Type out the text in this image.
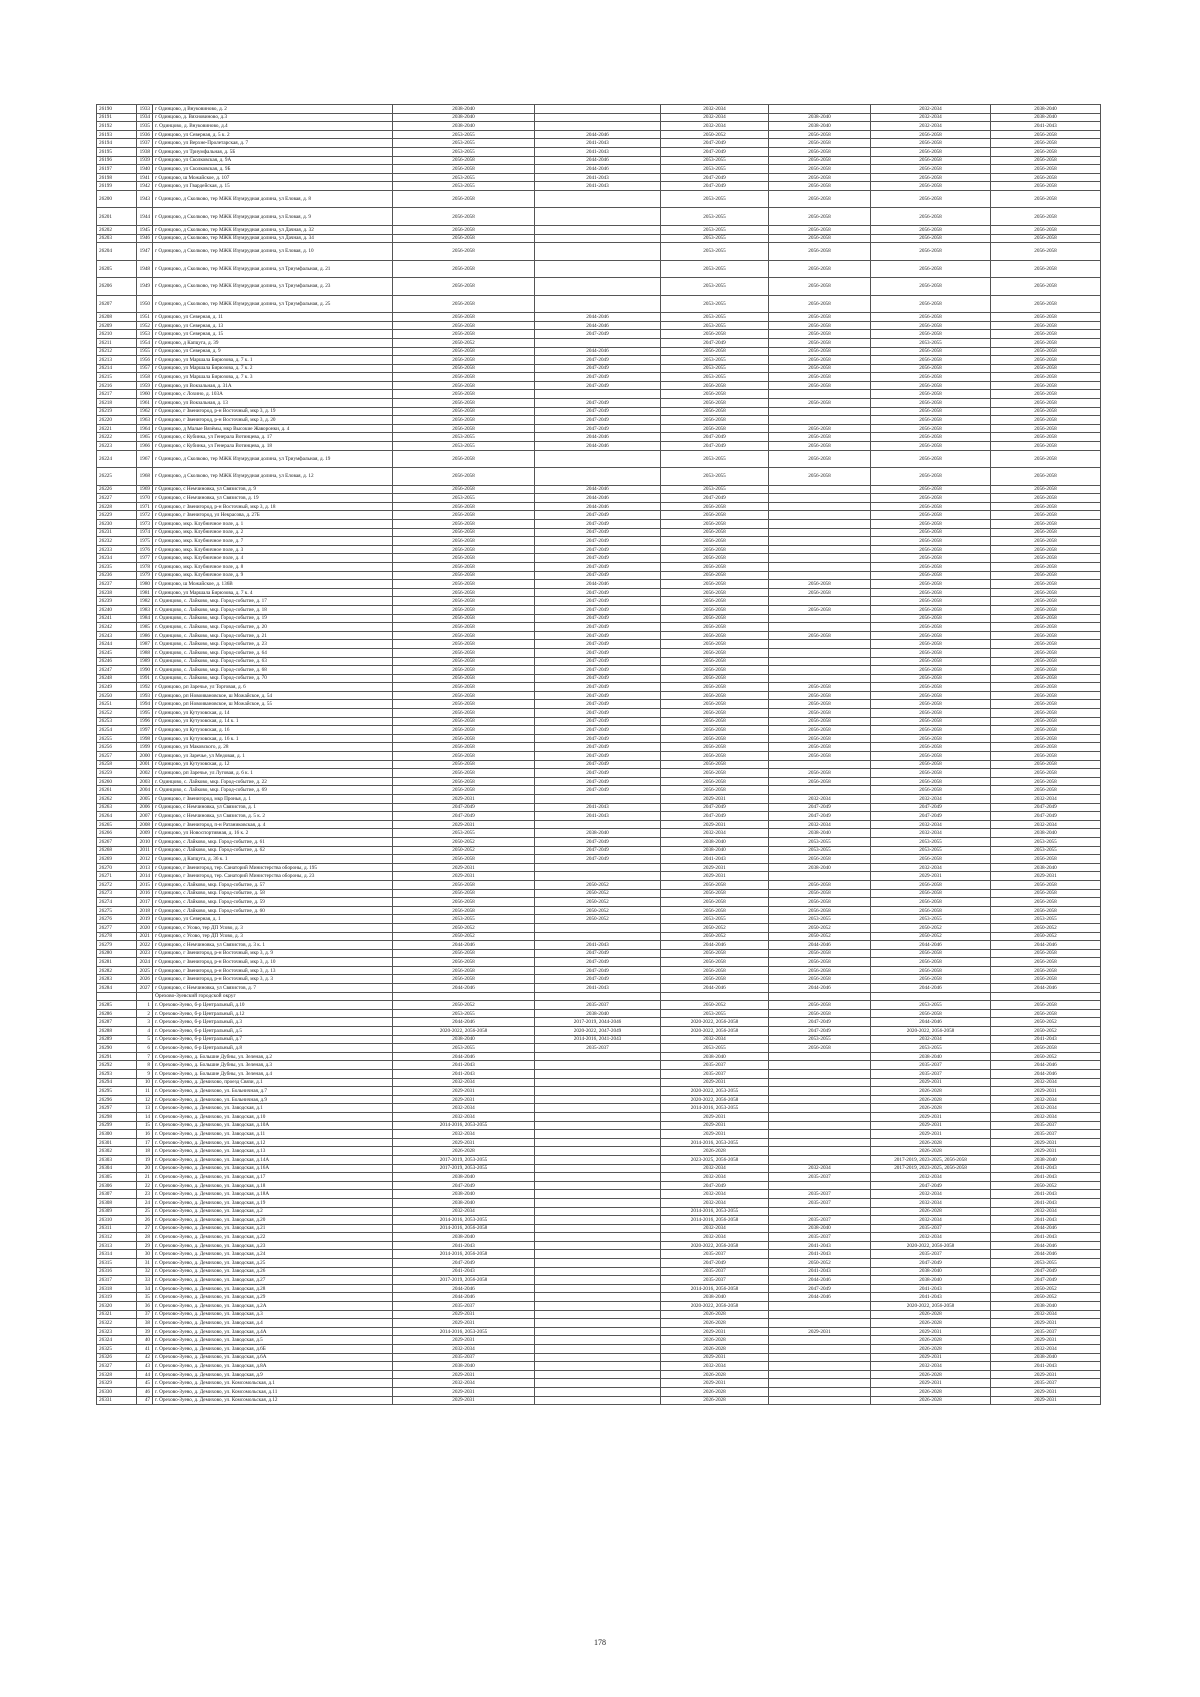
26190	1933	г Одинцово, д Внуковиново, д. 2	2038-2040		2032-2034		2032-2034	2038-2040
26191	1934	г Одинцово, д. Вяхновиново, д.3	2038-2040		2032-2034	2038-2040	2032-2034	2038-2040
26192	1935	г. Одинцово, д. Внуковиново, д.4	2038-2040		2032-2034	2038-2040	2032-2034	2041-2043
26193	1936	г Одинцово, ул Северная, д. 5 к. 2	2053-2055	2044-2046	2050-2052	2056-2058	2056-2058	2056-2058
26194	1937	г Одинцово, ул Верхне-Пролетарская, д. 7	2053-2055	2041-2043	2047-2049	2056-2058	2056-2058	2056-2058
26195	1938	г Одинцово, ул Триумфальная, д. 5Б	2053-2055	2041-2043	2047-2049	2056-2058	2056-2058	2056-2058
26196	1939	г Одинцово, ул Сколковская, д. 9А	2056-2058	2044-2046	2053-2055	2056-2058	2056-2058	2056-2058
26197	1940	г Одинцово, ул Сколковская, д. 9Б	2056-2058	2044-2046	2053-2055	2056-2058	2056-2058	2056-2058
26198	1941	г Одинцово, ш Можайское, д. 107	2053-2055	2041-2043	2047-2049	2056-2058	2056-2058	2056-2058
26199	1942	г Одинцово, ул Гвардейская, д. 15	2053-2055	2041-2043	2047-2049	2056-2058	2056-2058	2056-2058
26200	1943	г Одинцово, д Сколково, тер МЖК Изумрудная долина, ул Еловая, д. 8	2056-2058		2053-2055	2056-2058	2056-2058	2056-2058
26201	1944	г Одинцово, д Сколково, тер МЖК Изумрудная долина, ул Еловая, д. 9	2056-2058		2053-2055	2056-2058	2056-2058	2056-2058
26202	1945	г Одинцово, д Сколково, тер МЖК Изумрудная долина, ул Дачная, д. 32	2056-2058		2053-2055	2056-2058	2056-2058	2056-2058
26203	1946	г Одинцово, д Сколково, тер МЖК Изумрудная долина, ул Дачная, д. 34	2056-2058		2053-2055	2056-2058	2056-2058	2056-2058
26204	1947	г Одинцово, д Сколково, тер МЖК Изумрудная долина, ул Еловая, д. 10	2056-2058		2053-2055	2056-2058	2056-2058	2056-2058
26205	1948	г Одинцово, д Сколково, тер МЖК Изумрудная долина, ул Триумфальная, д. 21	2056-2058		2053-2055	2056-2058	2056-2058	2056-2058
26206	1949	г Одинцово, д Сколково, тер МЖК Изумрудная долина, ул Триумфальная, д. 23	2056-2058		2053-2055	2056-2058	2056-2058	2056-2058
26207	1950	г Одинцово, д Сколково, тер МЖК Изумрудная долина, ул Триумфальная, д. 25	2056-2058		2053-2055	2056-2058	2056-2058	2056-2058
26208	1951	г Одинцово, ул Северная, д. 11	2056-2058	2044-2046	2053-2055	2056-2058	2056-2058	2056-2058
26209	1952	г Одинцово, ул Северная, д. 13	2056-2058	2044-2046	2053-2055	2056-2058	2056-2058	2056-2058
26210	1953	г Одинцово, ул Северная, д. 15	2056-2058	2047-2049	2056-2058	2056-2058	2056-2058	2056-2058
26211	1954	г Одинцово, д Капцуга, д. 39	2050-2052		2047-2049	2056-2058	2053-2055	2056-2058
26212	1955	г Одинцово, ул Северная, д. 9	2056-2058	2044-2046	2056-2058	2056-2058	2056-2058	2056-2058
26213	1956	г Одинцово, ул Маршала Бирюзова, д. 7 к. 1	2056-2058	2047-2049	2053-2055	2056-2058	2056-2058	2056-2058
26214	1957	г Одинцово, ул Маршала Бирюзова, д. 7 к. 2	2056-2058	2047-2049	2053-2055	2056-2058	2056-2058	2056-2058
26215	1958	г Одинцово, ул Маршала Бирюзова, д. 7 к. 3	2056-2058	2047-2049	2053-2055	2056-2058	2056-2058	2056-2058
26216	1959	г Одинцово, ул Вокзальная, д. 31А	2056-2058	2047-2049	2056-2058	2056-2058	2056-2058	2056-2058
26217	1960	г Одинцово, с Лохино, д. 103А	2056-2058		2056-2058		2056-2058	2056-2058
26218	1961	г Одинцово, ул Вокзальная, д. 13	2056-2058	2047-2049	2056-2058	2056-2058	2056-2058	2056-2058
26219	1962	г Одинцово, г Звенигород, р-н Восточный, мкр 3, д. 19	2056-2058	2047-2049	2056-2058		2056-2058	2056-2058
26220	1963	г Одинцово, г Звенигород, р-н Восточный, мкр 3, д. 20	2056-2058	2047-2049	2056-2058		2056-2058	2056-2058
26221	1964	г Одинцово, д Малые Вязёмы, мкр Высокие Жаворонки, д. 4	2056-2058	2047-2049	2056-2058	2056-2058	2056-2058	2056-2058
26222	1965	г Одинцово, с Кубинка, ул Генерала Вотинцева, д. 17	2053-2055	2044-2046	2047-2049	2056-2058	2056-2058	2056-2058
26223	1966	г Одинцово, с Кубинка, ул Генерала Вотинцева, д. 18	2053-2055	2044-2046	2047-2049	2056-2058	2056-2058	2056-2058
26224	1967	г Одинцово, д Сколково, тер МЖК Изумрудная долина, ул Триумфальная, д. 19	2056-2058		2053-2055	2056-2058	2056-2058	2056-2058
26225	1968	г Одинцово, д Сколково, тер МЖК Изумрудная долина, ул Еловая, д. 12	2056-2058		2053-2055	2056-2058	2056-2058	2056-2058
26226	1969	г Одинцово, с Немчиновка, ул Связистов, д. 9	2056-2058	2044-2046	2053-2055		2056-2058	2056-2058
26227	1970	г Одинцово, с Немчиновка, ул Связистов, д. 19	2053-2055	2044-2046	2047-2049		2056-2058	2056-2058
26228	1971	г Одинцово, г Звенигород, р-н Восточный, мкр 3, д. 18	2056-2058	2044-2046	2056-2058		2056-2058	2056-2058
26229	1972	г Одинцово, г Звенигород, ул Некрасова, д. 27Б	2056-2058	2047-2049	2056-2058		2056-2058	2056-2058
26230	1973	г Одинцово, мкр. Клубничное поле, д. 1	2056-2058	2047-2049	2056-2058		2056-2058	2056-2058
26231	1974	г Одинцово, мкр. Клубничное поле, д. 2	2056-2058	2047-2049	2056-2058		2056-2058	2056-2058
26232	1975	г Одинцово, мкр. Клубничное поле, д. 7	2056-2058	2047-2049	2056-2058		2056-2058	2056-2058
26233	1976	г Одинцово, мкр. Клубничное поле, д. 3	2056-2058	2047-2049	2056-2058		2056-2058	2056-2058
26234	1977	г Одинцово, мкр. Клубничное поле, д. 4	2056-2058	2047-2049	2056-2058		2056-2058	2056-2058
26235	1978	г Одинцово, мкр. Клубничное поле, д. 8	2056-2058	2047-2049	2056-2058		2056-2058	2056-2058
26236	1979	г Одинцово, мкр. Клубничное поле, д. 9	2056-2058	2047-2049	2056-2058		2056-2058	2056-2058
26237	1980	г Одинцово, ш Можайское, д. 136В	2056-2058	2044-2046	2056-2058	2056-2058	2056-2058	2056-2058
26238	1981	г Одинцово, ул Маршала Бирюзова, д. 7 к. 4	2056-2058	2047-2049	2056-2058	2056-2058	2056-2058	2056-2058
26239	1982	г. Одинцово, с. Лайково, мкр. Город-событие, д. 17	2056-2058	2047-2049	2056-2058		2056-2058	2056-2058
26240	1983	г. Одинцово, с. Лайково, мкр. Город-событие, д. 18	2056-2058	2047-2049	2056-2058	2056-2058	2056-2058	2056-2058
26241	1984	г. Одинцово, с. Лайково, мкр. Город-событие, д. 19	2056-2058	2047-2049	2056-2058		2056-2058	2056-2058
26242	1985	г. Одинцово, с. Лайково, мкр. Город-событие, д. 20	2056-2058	2047-2049	2056-2058		2056-2058	2056-2058
26243	1986	г. Одинцово, с. Лайково, мкр. Город-событие, д. 21	2056-2058	2047-2049	2056-2058	2056-2058	2056-2058	2056-2058
26244	1987	г. Одинцово, с. Лайково, мкр. Город-событие, д. 23	2056-2058	2047-2049	2056-2058		2056-2058	2056-2058
26245	1988	г. Одинцово, с. Лайково, мкр. Город-событие, д. 64	2056-2058	2047-2049	2056-2058		2056-2058	2056-2058
26246	1989	г. Одинцово, с. Лайково, мкр. Город-событие, д. 63	2056-2058	2047-2049	2056-2058		2056-2058	2056-2058
26247	1990	г. Одинцово, с. Лайково, мкр. Город-событие, д. 68	2056-2058	2047-2049	2056-2058		2056-2058	2056-2058
26248	1991	г. Одинцово, с. Лайково, мкр. Город-событие, д. 70	2056-2058	2047-2049	2056-2058		2056-2058	2056-2058
26249	1992	г Одинцово, рп Заречье, ул Торговая, д. 6	2056-2058	2047-2049	2056-2058	2056-2058	2056-2058	2056-2058
26250	1993	г Одинцово, рп Новоивановское, ш Можайское, д. 54	2056-2058	2047-2049	2056-2058	2056-2058	2056-2058	2056-2058
26251	1994	г Одинцово, рп Новоивановское, ш Можайское, д. 55	2056-2058	2047-2049	2056-2058	2056-2058	2056-2058	2056-2058
26252	1995	г Одинцово, ул Кутузовская, д. 14	2056-2058	2047-2049	2056-2058	2056-2058	2056-2058	2056-2058
26253	1996	г Одинцово, ул Кутузовская, д. 14 к. 1	2056-2058	2047-2049	2056-2058	2056-2058	2056-2058	2056-2058
26254	1997	г Одинцово, ул Кутузовская, д. 16	2056-2058	2047-2049	2056-2058	2056-2058	2056-2058	2056-2058
26255	1998	г Одинцово, ул Кутузовская, д. 16 к. 1	2056-2058	2047-2049	2056-2058	2056-2058	2056-2058	2056-2058
26256	1999	г Одинцово, ул Маковского, д. 28	2056-2058	2047-2049	2056-2058	2056-2058	2056-2058	2056-2058
26257	2000	г Одинцово, ул Заречье, ул Медовая, д. 1	2056-2058	2047-2049	2056-2058	2056-2058	2056-2058	2056-2058
26258	2001	г Одинцово, ул Кутузовская, д. 12	2056-2058	2047-2049	2056-2058		2056-2058	2056-2058
26259	2002	г Одинцово, рп Заречье, ул Луговая, д. 6 к. 1	2056-2058	2047-2049	2056-2058	2056-2058	2056-2058	2056-2058
26260	2003	г. Одинцово, с. Лайково, мкр. Город-событие, д. 22	2056-2058	2047-2049	2056-2058	2056-2058	2056-2058	2056-2058
26261	2004	г. Одинцово, с. Лайково, мкр. Город-событие, д. 69	2056-2058	2047-2049	2056-2058		2056-2058	2056-2058
26262	2005	г Одинцово, г Звенигород, мкр Пронья, д. 1	2029-2031		2029-2031	2032-2034	2032-2034	2032-2034
26263	2006	г Одинцово, с Немчиновка, ул Связистов, д. 1	2047-2049	2041-2043	2047-2049	2047-2049	2047-2049	2047-2049
26264	2007	г Одинцово, с Немчиновка, ул Связистов, д. 5 к. 2	2047-2049	2041-2043	2047-2049	2047-2049	2047-2049	2047-2049
26265	2008	г Одинцово, г Звенигород, п-н Ратаниковская, д. 4	2029-2031		2029-2031	2032-2034	2032-2034	2032-2034
26266	2009	г Одинцово, ул Новоспортивная, д. 16 к. 2	2053-2055	2038-2040	2032-2034	2038-2040	2032-2034	2038-2040
26267	2010	г Одинцово, с Лайково, мкр. Город-событие, д. 61	2050-2052	2047-2049	2038-2040	2053-2055	2053-2055	2053-2055
26268	2011	г Одинцово, с Лайково, мкр. Город-событие, д. 62	2050-2052	2047-2049	2038-2040	2053-2055	2053-2055	2053-2055
26269	2012	г Одинцово, д Капцуга, д. 36 к. 1	2056-2058	2047-2049	2041-2043	2056-2058	2056-2058	2056-2058
26270	2013	г Одинцово, г Звенигород, тер. Санаторий Министерства обороны, д. 195	2029-2031		2029-2031	2038-2040	2032-2034	2038-2040
26271	2014	г Одинцово, г Звенигород, тер. Санаторий Министерства обороны, д. 23	2029-2031		2029-2031		2029-2031	2029-2031
26272	2015	г Одинцово, с Лайково, мкр. Город-событие, д. 57	2056-2058	2050-2052	2056-2058	2056-2058	2056-2058	2056-2058
26273	2016	г Одинцово, с Лайково, мкр. Город-событие, д. 58	2056-2058	2050-2052	2056-2058	2056-2058	2056-2058	2056-2058
26274	2017	г Одинцово, с Лайково, мкр. Город-событие, д. 59	2056-2058	2050-2052	2056-2058	2056-2058	2056-2058	2056-2058
26275	2018	г Одинцово, с Лайково, мкр. Город-событие, д. 60	2056-2058	2050-2052	2056-2058	2056-2058	2056-2058	2056-2058
26276	2019	г Одинцово, ул Северная, д. 1	2053-2055	2050-2052	2053-2055	2053-2055	2053-2055	2053-2055
26277	2020	г Одинцово, с Усово, тер ДП Усово, д. 3	2050-2052		2050-2052	2050-2052	2050-2052	2050-2052
26278	2021	г Одинцово, с Усово, тер ДП Усово, д. 3	2050-2052		2050-2052	2050-2052	2050-2052	2050-2052
26279	2022	г Одинцово, с Немчиновка, ул Связистов, д. 3 к. 1	2044-2046	2041-2043	2044-2046	2044-2046	2044-2046	2044-2046
26280	2023	г Одинцово, г Звенигород, р-н Восточный, мкр 3, д. 9	2056-2058	2047-2049	2056-2058	2056-2058	2056-2058	2056-2058
26281	2024	г Одинцово, г Звенигород, р-н Восточный, мкр 3, д. 10	2056-2058	2047-2049	2056-2058	2056-2058	2056-2058	2056-2058
26282	2025	г Одинцово, г Звенигород, р-н Восточный, мкр 3, д. 13	2056-2058	2047-2049	2056-2058	2056-2058	2056-2058	2056-2058
26283	2026	г Одинцово, г Звенигород, р-н Восточный, мкр 3, д. 3	2056-2058	2047-2049	2056-2058	2056-2058	2056-2058	2056-2058
26284	2027	г Одинцово, с Немчиновка, ул Связистов, д. 7	2044-2046	2041-2043	2044-2046	2044-2046	2044-2046	2044-2046
		Орехово-Зуевский городской округ						
26285	1	г. Орехово-Зуево, б-р Центральный, д.10	2050-2052	2035-2037	2050-2052	2056-2058	2053-2055	2056-2058
26286	2	г. Орехово-Зуево, б-р Центральный, д.12	2053-2055	2038-2040	2053-2055	2056-2058	2056-2058	2056-2058
26287	3	г. Орехово-Зуево, б-р Центральный, д.3	2044-2046	2017-2019, 2044-2046	2020-2022, 2056-2058	2047-2049	2044-2046	2050-2052
26288	4	г. Орехово-Зуево, б-р Центральный, д.5	2020-2022, 2056-2058	2020-2022, 2047-2049	2020-2022, 2056-2058	2047-2049	2020-2022, 2056-2058	2050-2052
26289	5	г. Орехово-Зуево, б-р Центральный, д.7	2038-2040	2014-2016, 2041-2043	2032-2034	2053-2055	2032-2034	2041-2043
26290	6	г. Орехово-Зуево, б-р Центральный, д.8	2053-2055	2035-2037	2053-2055	2056-2058	2053-2055	2056-2058
26291	7	г. Орехово-Зуево, д. Большие Дубны, ул. Зеленая, д.2	2044-2046		2038-2040		2038-2040	2050-2052
26292	8	г. Орехово-Зуево, д. Большие Дубны, ул. Зеленая, д.3	2041-2043		2035-2037		2035-2037	2044-2046
26293	9	г. Орехово-Зуево, д. Большие Дубны, ул. Зеленая, д.4	2041-2043		2035-2037		2035-2037	2044-2046
26294	10	г. Орехово-Зуево, д. Демихово, проезд Связи, д.1	2032-2034		2029-2031		2029-2031	2032-2034
26295	11	г. Орехово-Зуево, д. Демихово, ул. Больничная, д.7	2029-2031		2020-2022, 2053-2055		2026-2028	2029-2031
26296	12	г. Орехово-Зуево, д. Демихово, ул. Больничная, д.9	2029-2031		2020-2022, 2056-2058		2026-2028	2032-2034
26297	13	г. Орехово-Зуево, д. Демихово, ул. Заводская, д.1	2032-2034		2014-2016, 2053-2055		2026-2028	2032-2034
26298	14	г. Орехово-Зуево, д. Демихово, ул. Заводская, д.10	2032-2034		2029-2031		2029-2031	2032-2034
26299	15	г. Орехово-Зуево, д. Демихово, ул. Заводская, д.10А	2014-2016, 2053-2055		2029-2031		2029-2031	2035-2037
26300	16	г. Орехово-Зуево, д. Демихово, ул. Заводская, д.11	2032-2034		2029-2031		2029-2031	2035-2037
26301	17	г. Орехово-Зуево, д. Демихово, ул. Заводская, д.12	2029-2031		2014-2016, 2053-2055		2026-2028	2029-2031
26302	18	г. Орехово-Зуево, д. Демихово, ул. Заводская, д.13	2026-2028		2026-2028		2026-2028	2029-2031
26303	19	г. Орехово-Зуево, д. Демихово, ул. Заводская, д.14А	2017-2019, 2053-2055		2023-2025, 2056-2058		2017-2019, 2023-2025, 2056-2058	2038-2040
26304	20	г. Орехово-Зуево, д. Демихово, ул. Заводская, д.16А	2017-2019, 2053-2055		2032-2034	2032-2034	2017-2019, 2023-2025, 2056-2058	2041-2043
26305	21	г. Орехово-Зуево, д. Демихово, ул. Заводская, д.17	2038-2040		2032-2034	2035-2037	2032-2034	2041-2043
26306	22	г. Орехово-Зуево, д. Демихово, ул. Заводская, д.18	2047-2049		2047-2049		2047-2049	2050-2052
26307	23	г. Орехово-Зуево, д. Демихово, ул. Заводская, д.18А	2038-2040		2032-2034	2035-2037	2032-2034	2041-2043
26308	24	г. Орехово-Зуево, д. Демихово, ул. Заводская, д.19	2038-2040		2032-2034	2035-2037	2032-2034	2041-2043
26309	25	г. Орехово-Зуево, д. Демихово, ул. Заводская, д.2	2032-2034		2014-2016, 2053-2055		2026-2028	2032-2034
26310	26	г. Орехово-Зуево, д. Демихово, ул. Заводская, д.20	2014-2016, 2053-2055		2014-2016, 2056-2058	2035-2037	2032-2034	2041-2043
26311	27	г. Орехово-Зуево, д. Демихово, ул. Заводская, д.21	2014-2016, 2056-2058		2032-2034	2038-2040	2035-2037	2044-2046
26312	28	г. Орехово-Зуево, д. Демихово, ул. Заводская, д.22	2038-2040		2032-2034	2035-2037	2032-2034	2041-2043
26313	29	г. Орехово-Зуево, д. Демихово, ул. Заводская, д.23	2041-2043		2020-2022, 2056-2058	2041-2043	2020-2022, 2056-2058	2044-2046
26314	30	г. Орехово-Зуево, д. Демихово, ул. Заводская, д.24	2014-2016, 2056-2058		2035-2037	2041-2043	2035-2037	2044-2046
26315	31	г. Орехово-Зуево, д. Демихово, ул. Заводская, д.25	2047-2049		2047-2049	2050-2052	2047-2049	2053-2055
26316	32	г. Орехово-Зуево, д. Демихово, ул. Заводская, д.26	2041-2043		2035-2037	2041-2043	2038-2040	2047-2049
26317	33	г. Орехово-Зуево, д. Демихово, ул. Заводская, д.27	2017-2019, 2056-2058		2035-2037	2044-2046	2038-2040	2047-2049
26318	34	г. Орехово-Зуево, д. Демихово, ул. Заводская, д.28	2044-2046		2014-2016, 2056-2058	2047-2049	2041-2043	2050-2052
26319	35	г. Орехово-Зуево, д. Демихово, ул. Заводская, д.29	2044-2046		2038-2040	2044-2046	2041-2043	2050-2052
26320	36	г. Орехово-Зуево, д. Демихово, ул. Заводская, д.2А	2035-2037		2020-2022, 2056-2058		2020-2022, 2056-2058	2038-2040
26321	37	г. Орехово-Зуево, д. Демихово, ул. Заводская, д.3	2029-2031		2026-2028		2026-2028	2032-2034
26322	38	г. Орехово-Зуево, д. Демихово, ул. Заводская, д.4	2029-2031		2026-2028		2026-2028	2029-2031
26323	39	г. Орехово-Зуево, д. Демихово, ул. Заводская, д.4А	2014-2016, 2053-2055		2029-2031	2029-2031	2029-2031	2035-2037
26324	40	г. Орехово-Зуево, д. Демихово, ул. Заводская, д.5	2029-2031		2026-2028		2026-2028	2029-2031
26325	41	г. Орехово-Зуево, д. Демихово, ул. Заводская, д.6Б	2032-2034		2026-2028		2026-2028	2032-2034
26326	42	г. Орехово-Зуево, д. Демихово, ул. Заводская, д.6А	2035-2037		2029-2031		2029-2031	2038-2040
26327	43	г. Орехово-Зуево, д. Демихово, ул. Заводская, д.8А	2038-2040		2032-2034		2032-2034	2041-2043
26328	44	г. Орехово-Зуево, д. Демихово, ул. Заводская, д.9	2029-2031		2026-2028		2026-2028	2029-2031
26329	45	г. Орехово-Зуево, д. Демихово, ул. Комсомольская, д.1	2032-2034		2029-2031		2029-2031	2035-2037
26330	46	г. Орехово-Зуево, д. Демихово, ул. Комсомольская, д.11	2029-2031		2026-2028		2026-2028	2029-2031
26331	47	г. Орехово-Зуево, д. Демихово, ул. Комсомольская, д.12	2029-2031		2026-2028		2026-2028	2029-2031
178
